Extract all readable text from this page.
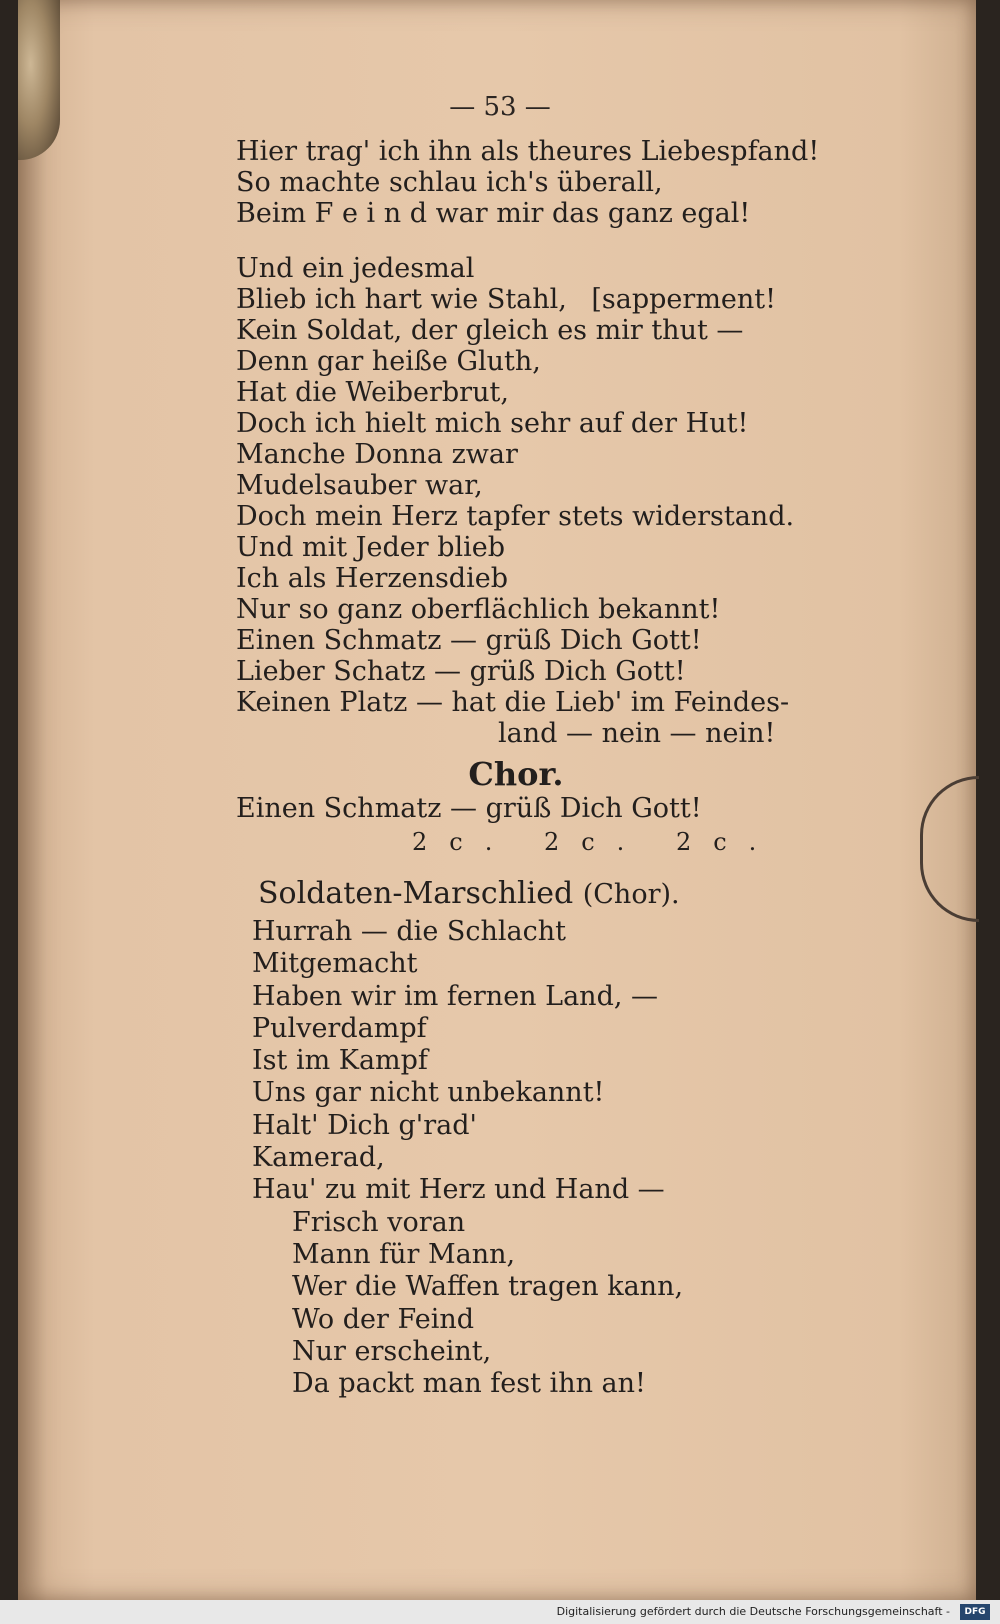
— 53 —
Hier trag' ich ihn als theures Liebespfand!
So machte schlau ich's überall,
Beim F e i n d war mir das ganz egal!
Und ein jedesmal
Blieb ich hart wie Stahl, [sapperment!
Kein Soldat, der gleich es mir thut —
Denn gar heiße Gluth,
Hat die Weiberbrut,
Doch ich hielt mich sehr auf der Hut!
Manche Donna zwar
Mudelsauber war,
Doch mein Herz tapfer stets widerstand.
Und mit Jeder blieb
Ich als Herzensdieb
Nur so ganz oberflächlich bekannt!
Einen Schmatz — grüß Dich Gott!
Lieber Schatz — grüß Dich Gott!
Keinen Platz — hat die Lieb' im Feindes-
land — nein — nein!
Chor.
Einen Schmatz — grüß Dich Gott!
2c. 2c. 2c.
Soldaten-Marschlied (Chor).
Hurrah — die Schlacht
Mitgemacht
Haben wir im fernen Land, —
Pulverdampf
Ist im Kampf
Uns gar nicht unbekannt!
Halt' Dich g'rad'
Kamerad,
Hau' zu mit Herz und Hand —
Frisch voran
Mann für Mann,
Wer die Waffen tragen kann,
Wo der Feind
Nur erscheint,
Da packt man fest ihn an!
Digitalisierung gefördert durch die Deutsche Forschungsgemeinschaft -	DFG
